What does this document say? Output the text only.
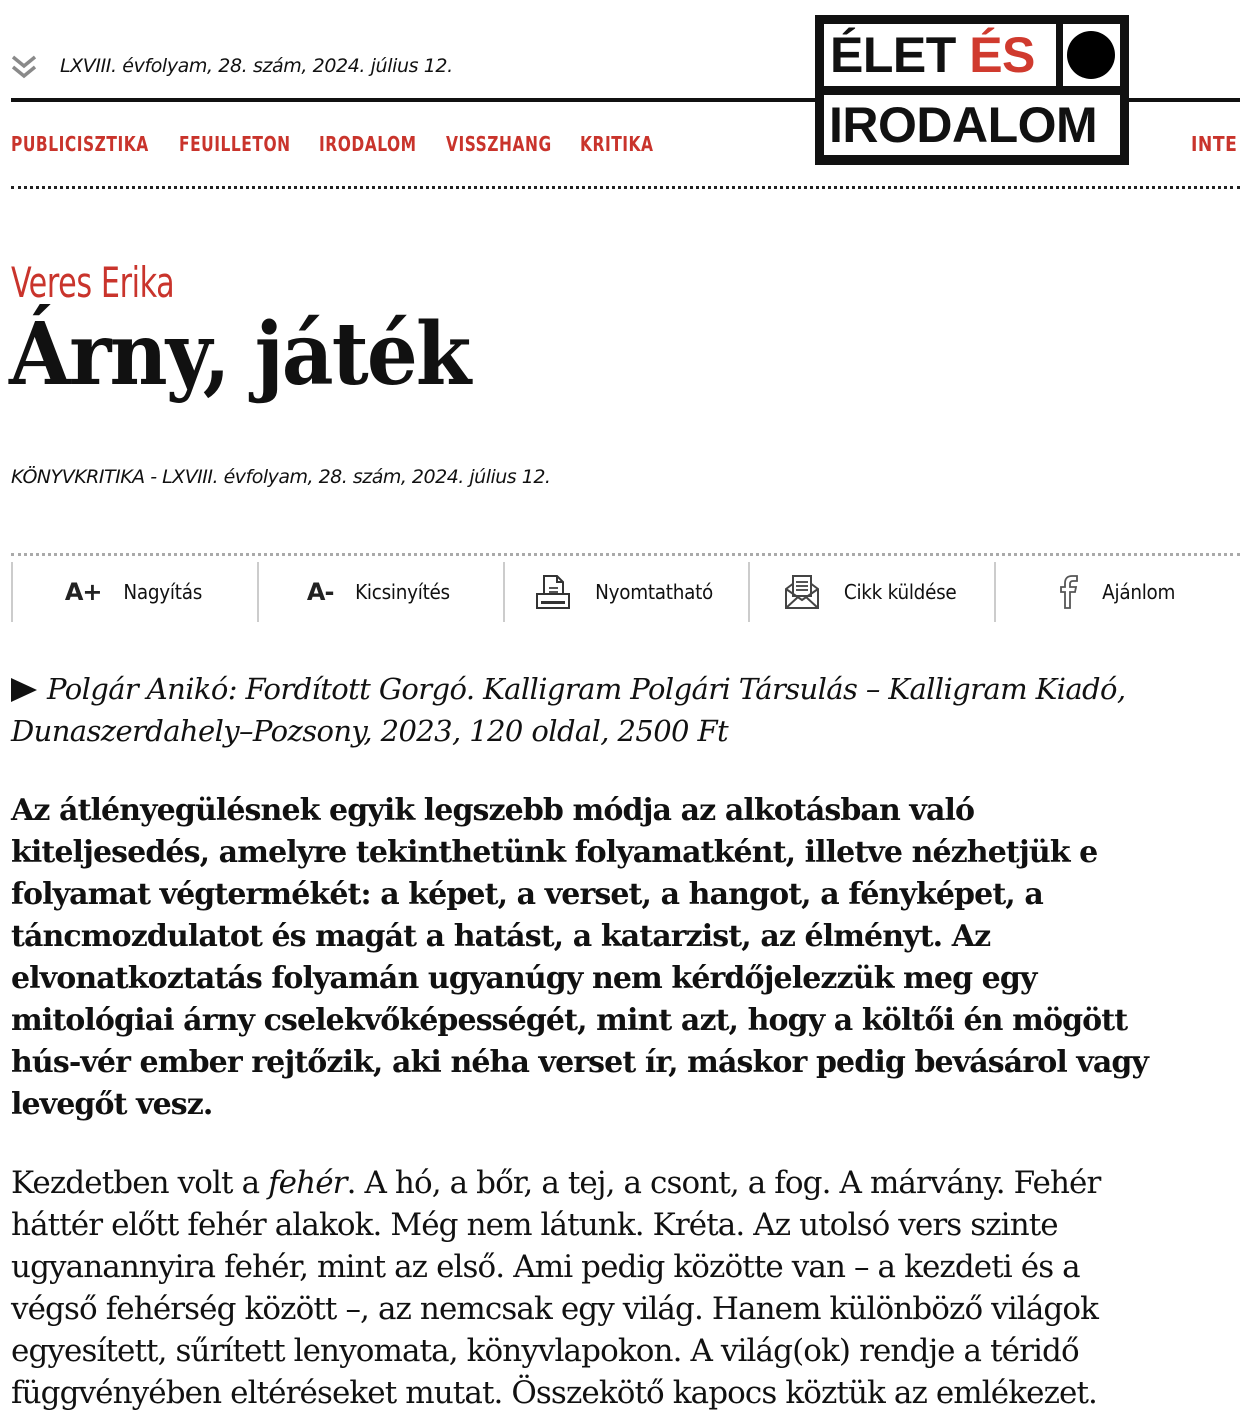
LXVIII. évfolyam, 28. szám, 2024. július 12.
PUBLICISZTIKA FEUILLETON IRODALOM VISSZHANG KRITIKA	INTE
ÉLET ÉS
IRODALOM
Veres Erika
Árny, játék
KÖNYVKRITIKA - LXVIII. évfolyam, 28. szám, 2024. július 12.
A+ Nagyítás	A- Kicsinyítés	Nyomtatható	Cikk küldése	Ajánlom
Polgár Anikó: Fordított Gorgó. Kalligram Polgári Társulás – Kalligram Kiadó,
Dunaszerdahely–Pozsony, 2023, 120 oldal, 2500 Ft
Az átlényegülésnek egyik legszebb módja az alkotásban való
kiteljesedés, amelyre tekinthetünk folyamatként, illetve nézhetjük e
folyamat végtermékét: a képet, a verset, a hangot, a fényképet, a
táncmozdulatot és magát a hatást, a katarzist, az élményt. Az
elvonatkoztatás folyamán ugyanúgy nem kérdőjelezzük meg egy
mitológiai árny cselekvőképességét, mint azt, hogy a költői én mögött
hús-vér ember rejtőzik, aki néha verset ír, máskor pedig bevásárol vagy
levegőt vesz.
Kezdetben volt a fehér. A hó, a bőr, a tej, a csont, a fog. A márvány. Fehér
háttér előtt fehér alakok. Még nem látunk. Kréta. Az utolsó vers szinte
ugyanannyira fehér, mint az első. Ami pedig közötte van – a kezdeti és a
végső fehérség között –, az nemcsak egy világ. Hanem különböző világok
egyesített, sűrített lenyomata, könyvlapokon. A világ(ok) rendje a téridő
függvényében eltéréseket mutat. Összekötő kapocs köztük az emlékezet.
